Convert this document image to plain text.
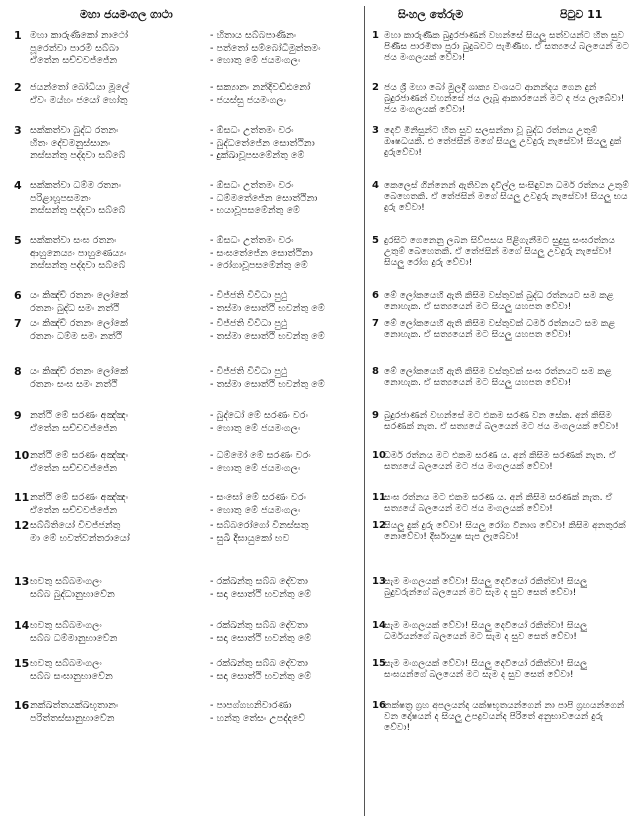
මහා ජයමංගල ගාථා	සිංහල තේරුම	පිටුව 11
1 මහා කාරුණිකෝ නාථෝ	- හිතාය සබ්බපාණිනං
පූරෙත්වා පාරමී සබ්බා	- පත්තෝ සම්බෝධිමුත්තමං
ඒතේන සච්චවජ්ජේන	- හොතු මේ ජයමංගලං
2 ජයන්තෝ බෝධියා මූලේ	- සක්‍යානං නන්දිවඩ්ඪනෝ
ඒවං මය්හං ජයෝ හෝතු	- ජයස්සු ජයමංගලං
3 සක්කත්වා බුද්ධ රතනං	- ඕසධං උත්තමං වරං
හිතං දේවමනුස්සානං	- බුද්ධතේජේන සොත්ථිනා
නස්සන්තු පද්දවා සබ්බේ	- දුක්ඛාවූපසමේන්තු මේ
4 සක්කත්වා ධම්ම රතනං	- ඕසධං උත්තමං වරං
පරිළාහූපසමනං	- ධම්මතේජේන සොත්ථිනා
නස්සන්තු පද්දවා සබ්බේ	- භයාවූපසමේන්තු මේ
5 සක්කත්වා සංඝ රතනං	- ඕසධං උත්තමං වරං
ආහුනෙය්‍යං පාහුණෙය්‍යං	- සංඝතේජේන සොත්ථිනා
නස්සන්තු පද්දවා සබ්බේ	- රෝගාවූපසමේන්තු මේ
6 යං කිඤ්චි රතනං ලෝකේ	- විජ්ජති විවිධා පුථු
රතනං බුද්ධ සමං නත්ථි	- තස්මා සොත්ථි භවන්තු මේ
7 යං කිඤ්චි රතනං ලෝකේ	- විජ්ජති විවිධා පුථු
රතනං ධම්ම සමං නත්ථි	- තස්මා සොත්ථි භවන්තු මේ
8 යං කිඤ්චි රතනං ලෝකේ	- විජ්ජති විවිධා පුථු
රතනං සංඝ සමං නත්ථි	- තස්මා සොත්ථි භවන්තු මේ
9 නත්ථි මේ සරණං අඤ්ඤං	- බුද්ධෝ මේ සරණං වරං
ඒතේන සච්චවජ්ජේන	- හොතු මේ ජයමංගලං
10 නත්ථි මේ සරණං අඤ්ඤං	- ධම්මෝ මේ සරණං වරං
ඒතේන සච්චවජ්ජේන	- හොතු මේ ජයමංගලං
11 නත්ථි මේ සරණං අඤ්ඤං	- සංඝෝ මේ සරණං වරං
ඒතේන සච්චවජ්ජේන	- හොතු මේ ජයමංගලං
12 සබ්බීතියෝ විවජ්ජන්තු	- සබ්බරෝගෝ විනස්සතු
මා මේ භවත්වන්තරායෝ	- සුඛී දීඝායුකෝ භව
13 භවතු සබ්බමංගලං	- රක්ඛන්තු සබ්බ දේවතා
සබ්බ බුද්ධානුභාවේන	- සදා සොත්ථි භවන්තු මේ
14 භවතු සබ්බමංගලං	- රක්ඛන්තු සබ්බ දේවතා
සබ්බ ධම්මානුභාවේන	- සදා සොත්ථි භවන්තු මේ
15 භවතු සබ්බමංගලං	- රක්ඛන්තු සබ්බ දේවතා
සබ්බ සංඝානුභාවේන	- සදා සොත්ථි භවන්තු මේ
16 නක්ඛත්තයක්ඛභූතානං	- පාපග්ගහනිවාරණා
පරිත්තස්සානුභාවේන	- හන්තු තේසං උපද්දවේ
1 මහා කාරුණික බුදුරජාණන් වහන්සේ සියලු සත්වයන්ට හිත සුව පිණිස පාරමිතා පුරා බුදුබවට පැමිණිහ. ඒ සත්‍යයේ බලයෙන් මට ජය මංගලයක් වේවා!
2 ජය ශ්‍රී මහා බෝ මුලදී ශාක්‍ය වංශයට ආනන්දය ගෙන දුන් බුදුරජාණන් වහන්සේ ජය ලැබූ ආකාරයෙන් මට ද ජය ලැබේවා! ජය මංගලයක් වේවා!
3 දෙවි මිනිසුන්ට හිත සුව සලසන්නා වූ බුද්ධ රත්නය උතුම් ඖෂධයකි. එ තේජසින් මගේ සියලු උවදුරු නැසේවා! සියලු දුක් දුරුවේවා!
4 කෙලෙස් ගින්නෙන් ඇතිවන දැවිල්ල සංසිඳුවන ධර්ම රත්නය උතුම් බෙහෙතකි. ඒ තේජසින් මගේ සියලු උවදුරු නැසේවා! සියලු භය දුරු වේවා!
5 දුරසිට ගෙනෙනු ලබන සිව්පසය පිළිගැනීමට සුදුසු සංඝරත්නය උතුම් බෙහෙතකි. ඒ තේජසින් මගේ සියලු උවදුරු නැසේවා! සියලු රෝග දුරු වේවා!
6 මේ ලෝකයෙහි ඇති කිසිම වස්තුවක් බුද්ධ රත්නයට සම කළ නොහැක. ඒ සත්‍යයෙන් මට සියලු යහපත වේවා!
7 මේ ලෝකයෙහි ඇති කිසිම වස්තුවක් ධර්ම රත්නයට සම කළ නොහැක. ඒ සත්‍යයෙන් මට සියලු යහපත වේවා!
8 මේ ලෝකයෙහි ඇති කිසිම වස්තුවක් සංඝ රත්නයට සම කළ නොහැක. ඒ සත්‍යයෙන් මට සියලු යහපත වේවා!
9 බුදුරජාණන් වහන්සේ මට එකම සරණ වන සේක. අන් කිසිම සරණක් නැත. ඒ සත්‍යයේ බලයෙන් මට ජය මංගලයක් වේවා!
10
ධර්ම රත්නය මට එකම සරණ ය. අන් කිසිම සරණක් නැත. ඒ සත්‍යයේ බලයෙන් මට ජය මංගලයක් වේවා!
11
සංඝ රත්නය මට එකම සරණ ය. අන් කිසිම සරණක් නැත. ඒ සත්‍යයේ බලයෙන් මට ජය මංගලයක් වේවා!
12
සියලු දුක් දුරු වේවා! සියලු රෝග විනාශ වේවා! කිසිම අනතුරක් නොවේවා! දීර්ඝායුෂ සැප ලැබේවා!
13
සැම මංගලයක් වේවා! සියලු දෙවියෝ රකිත්වා! සියලු බුදුවරුන්ගේ බලයෙන් මට සැම ද සුව සෙත් වේවා!
14
සැම මංගලයක් වේවා! සියලු දෙවියෝ රකිත්වා! සියලු ධර්මයන්ගේ බලයෙන් මට සැම ද සුව සෙත් වේවා!
15
සැම මංගලයක් වේවා! සියලු දෙවියෝ රකිත්වා! සියලු සංඝයන්ගේ බලයෙන් මට සැම ද සුව සෙත් වේවා!
16
නක්ෂත්‍ර ග්‍රහ අපලයන්ද යක්ෂභූතයන්ගෙන් නා පාපි ග්‍රහයන්ගෙන් වන දෝෂයන් ද සියලු උපද්‍රවයන්ද පිරිතේ අනුභාවයෙන් දුරු වේවා!
